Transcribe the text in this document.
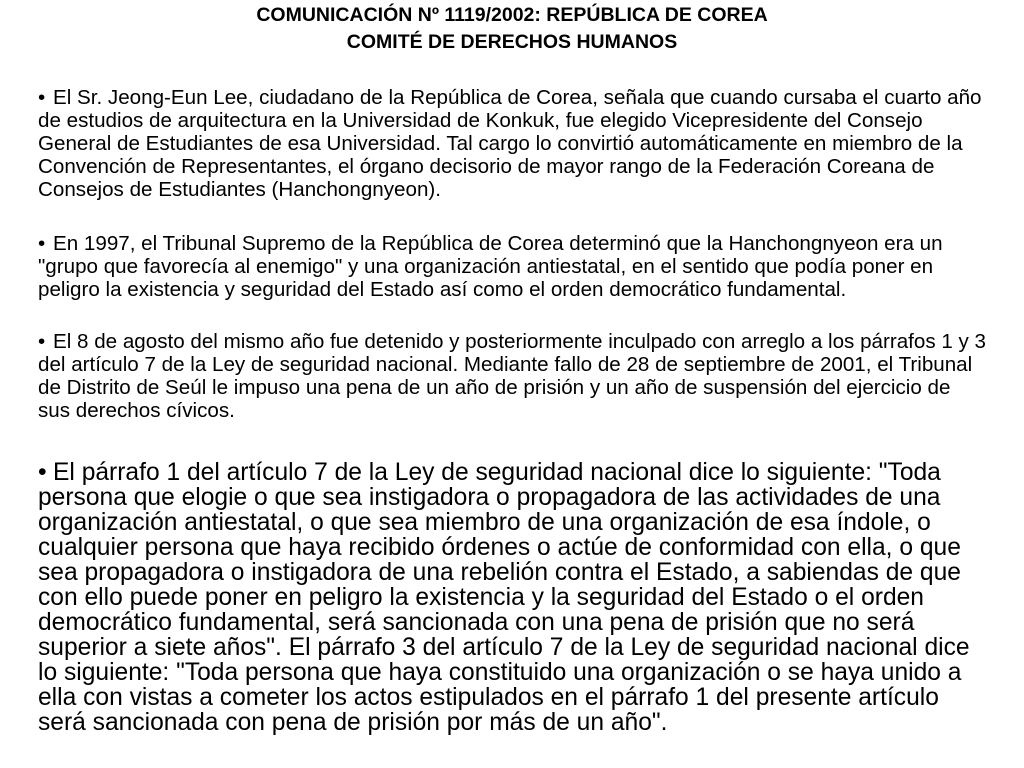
COMUNICACIÓN Nº 1119/2002: REPÚBLICA DE COREA
COMITÉ DE DERECHOS HUMANOS

• El Sr. Jeong-Eun Lee, ciudadano de la República de Corea, señala que cuando cursaba el cuarto año de estudios de arquitectura en la Universidad de Konkuk, fue elegido Vicepresidente del Consejo General de Estudiantes de esa Universidad. Tal cargo lo convirtió automáticamente en miembro de la Convención de Representantes, el órgano decisorio de mayor rango de la Federación Coreana de Consejos de Estudiantes (Hanchongnyeon).

• En 1997, el Tribunal Supremo de la República de Corea determinó que la Hanchongnyeon era un "grupo que favorecía al enemigo" y una organización antiestatal, en el sentido que podía poner en peligro la existencia y seguridad del Estado así como el orden democrático fundamental.

• El 8 de agosto del mismo año fue detenido y posteriormente inculpado con arreglo a los párrafos 1 y 3 del artículo 7 de la Ley de seguridad nacional. Mediante fallo de 28 de septiembre de 2001, el Tribunal de Distrito de Seúl le impuso una pena de un año de prisión y un año de suspensión del ejercicio de sus derechos cívicos.

• El párrafo 1 del artículo 7 de la Ley de seguridad nacional dice lo siguiente: "Toda persona que elogie o que sea instigadora o propagadora de las actividades de una organización antiestatal, o que sea miembro de una organización de esa índole, o cualquier persona que haya recibido órdenes o actúe de conformidad con ella, o que sea propagadora o instigadora de una rebelión contra el Estado, a sabiendas de que con ello puede poner en peligro la existencia y la seguridad del Estado o el orden democrático fundamental, será sancionada con una pena de prisión que no será superior a siete años". El párrafo 3 del artículo 7 de la Ley de seguridad nacional dice lo siguiente: "Toda persona que haya constituido una organización o se haya unido a ella con vistas a cometer los actos estipulados en el párrafo 1 del presente artículo será sancionada con pena de prisión por más de un año".
